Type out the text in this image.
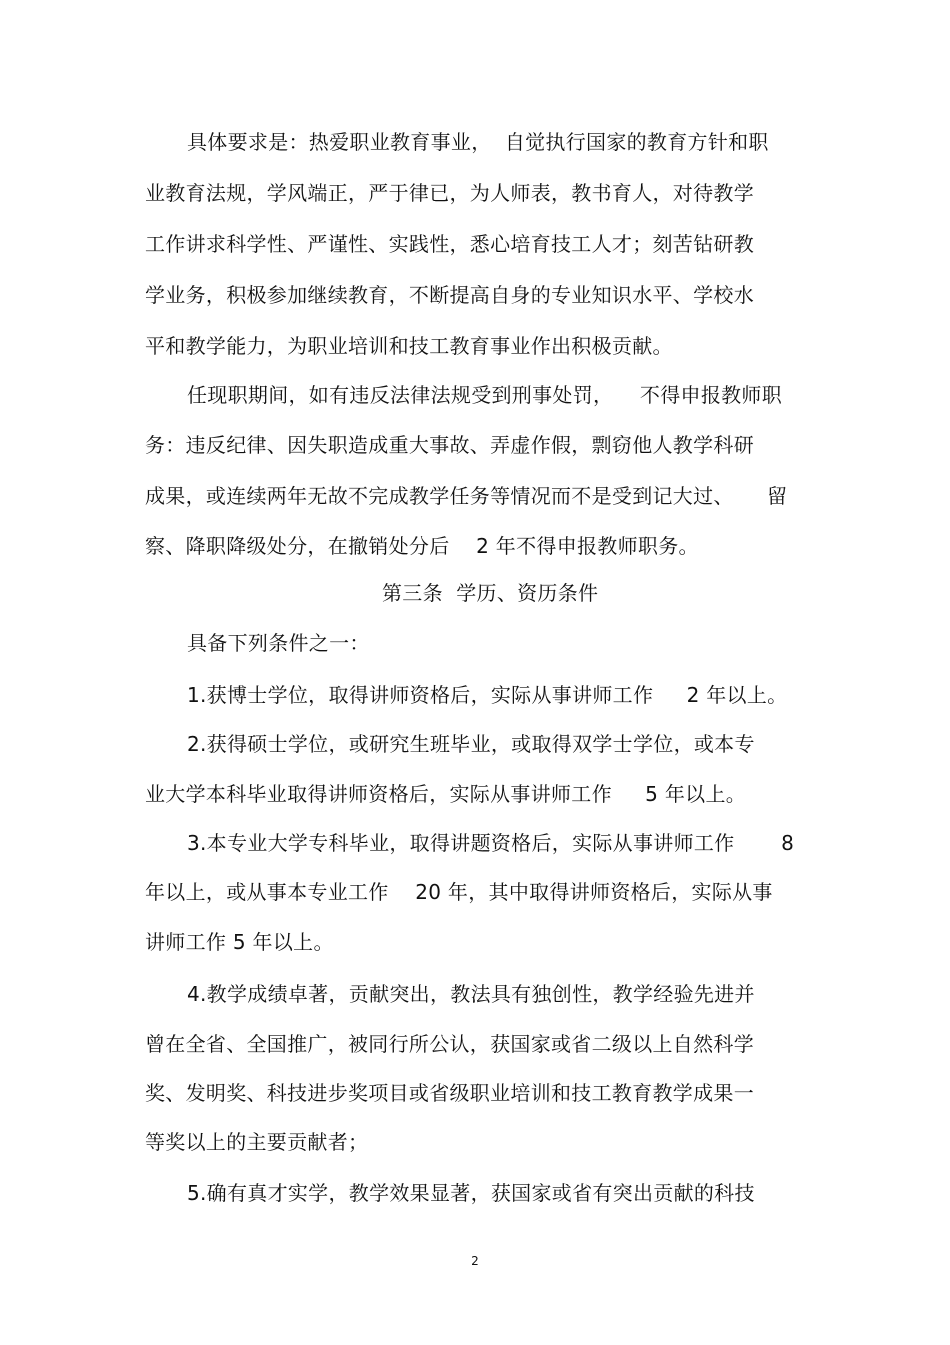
具体要求是：热爱职业教育事业，  自觉执行国家的教育方针和职
业教育法规，学风端正，严于律已，为人师表，教书育人，对待教学
工作讲求科学性、严谨性、实践性，悉心培育技工人才；刻苦钻研教
学业务，积极参加继续教育，不断提高自身的专业知识水平、学校水
平和教学能力，为职业培训和技工教育事业作出积极贡献。
任现职期间，如有违反法律法规受到刑事处罚，    不得申报教师职
务：违反纪律、因失职造成重大事故、弄虚作假，剽窃他人教学科研
成果，或连续两年无故不完成教学任务等情况而不是受到记大过、     留
察、降职降级处分，在撤销处分后    2 年不得申报教师职务。
第三条  学历、资历条件
具备下列条件之一：
1.获博士学位，取得讲师资格后，实际从事讲师工作     2 年以上。
2.获得硕士学位，或研究生班毕业，或取得双学士学位，或本专
业大学本科毕业取得讲师资格后，实际从事讲师工作     5 年以上。
3.本专业大学专科毕业，取得讲题资格后，实际从事讲师工作       8
年以上，或从事本专业工作    20 年，其中取得讲师资格后，实际从事
讲师工作 5 年以上。
4.教学成绩卓著，贡献突出，教法具有独创性，教学经验先进并
曾在全省、全国推广，被同行所公认，获国家或省二级以上自然科学
奖、发明奖、科技进步奖项目或省级职业培训和技工教育教学成果一
等奖以上的主要贡献者；
5.确有真才实学，教学效果显著，获国家或省有突出贡献的科技
2
